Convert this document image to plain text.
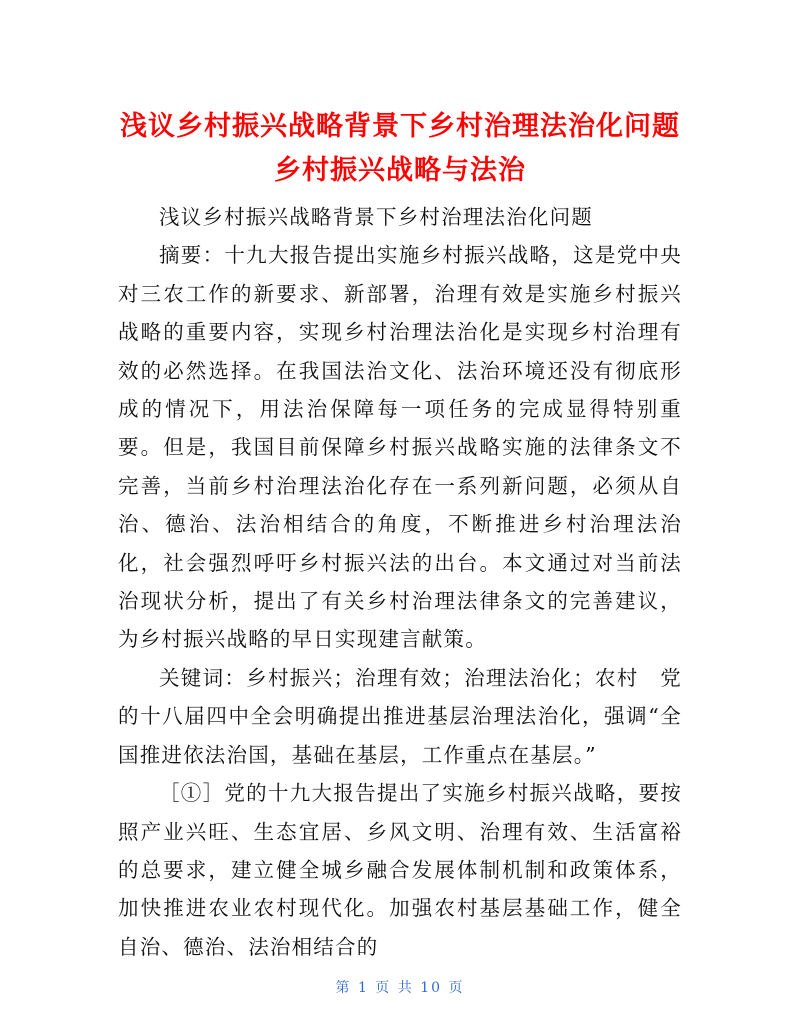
浅议乡村振兴战略背景下乡村治理法治化问题
乡村振兴战略与法治

浅议乡村振兴战略背景下乡村治理法治化问题

摘要：十九大报告提出实施乡村振兴战略，这是党中央对三农工作的新要求、新部署，治理有效是实施乡村振兴战略的重要内容，实现乡村治理法治化是实现乡村治理有效的必然选择。在我国法治文化、法治环境还没有彻底形成的情况下，用法治保障每一项任务的完成显得特别重要。但是，我国目前保障乡村振兴战略实施的法律条文不完善，当前乡村治理法治化存在一系列新问题，必须从自治、德治、法治相结合的角度，不断推进乡村治理法治化，社会强烈呼吁乡村振兴法的出台。本文通过对当前法治现状分析，提出了有关乡村治理法律条文的完善建议，为乡村振兴战略的早日实现建言献策。

关键词：乡村振兴；治理有效；治理法治化；农村　党的十八届四中全会明确提出推进基层治理法治化，强调“全国推进依法治国，基础在基层，工作重点在基层。”

［①］党的十九大报告提出了实施乡村振兴战略，要按照产业兴旺、生态宜居、乡风文明、治理有效、生活富裕的总要求，建立健全城乡融合发展体制机制和政策体系，加快推进农业农村现代化。加强农村基层基础工作，健全自治、德治、法治相结合的

第 1 页 共 10 页
